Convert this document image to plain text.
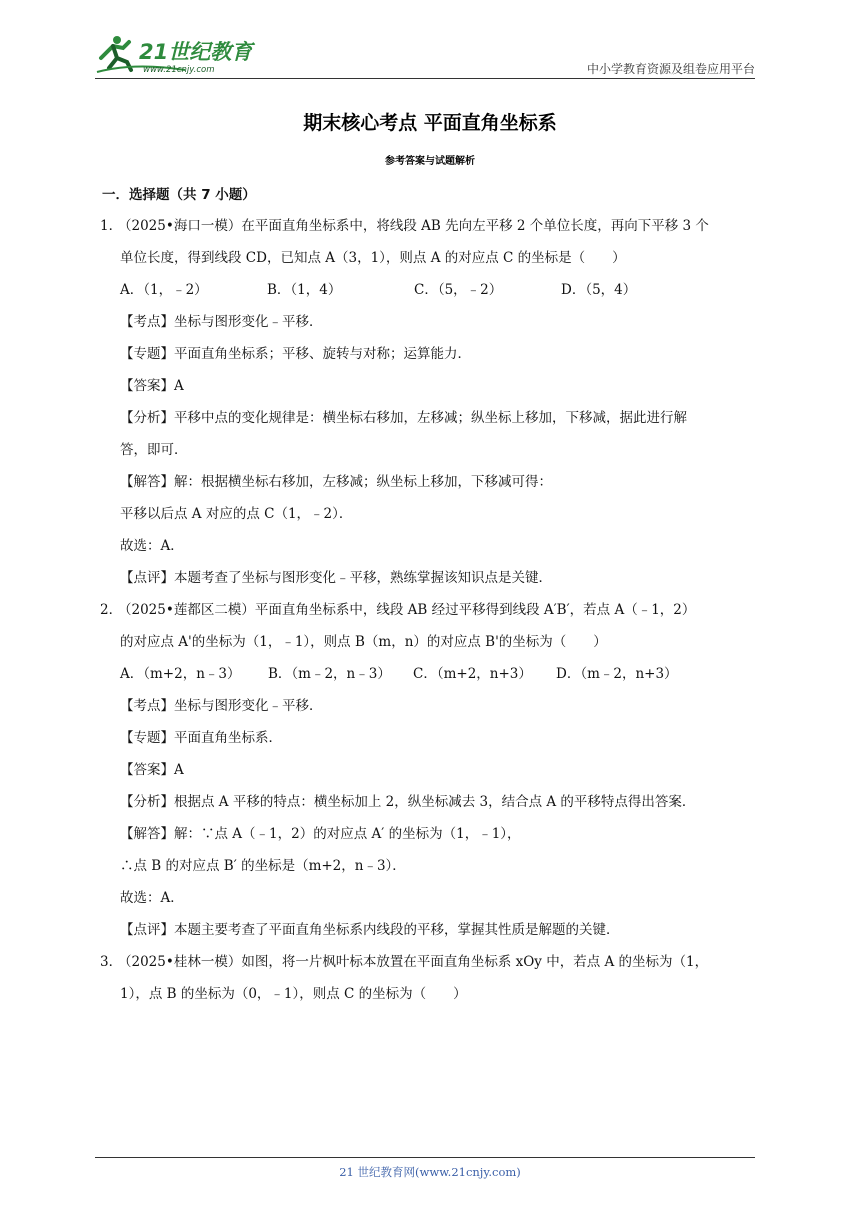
21世纪教育
www.21cnjy.com	中小学教育资源及组卷应用平台
期末核心考点 平面直角坐标系
参考答案与试题解析
一．选择题（共 7 小题）
1．（2025•海口一模）在平面直角坐标系中，将线段 AB 先向左平移 2 个单位长度，再向下平移 3 个
单位长度，得到线段 CD，已知点 A（3，1），则点 A 的对应点 C 的坐标是（　　）
A．（1，﹣2）	B．（1，4）	C．（5，﹣2）	D．（5，4）
【考点】坐标与图形变化﹣平移．
【专题】平面直角坐标系；平移、旋转与对称；运算能力．
【答案】A
【分析】平移中点的变化规律是：横坐标右移加，左移减；纵坐标上移加，下移减，据此进行解
答，即可．
【解答】解：根据横坐标右移加，左移减；纵坐标上移加，下移减可得：
平移以后点 A 对应的点 C（1，﹣2）．
故选：A．
【点评】本题考查了坐标与图形变化﹣平移，熟练掌握该知识点是关键．
2．（2025•莲都区二模）平面直角坐标系中，线段 AB 经过平移得到线段 A′B′，若点 A（﹣1，2）
的对应点 A'的坐标为（1，﹣1），则点 B（m，n）的对应点 B'的坐标为（　　）
A．（m+2，n﹣3）	B．（m﹣2，n﹣3）	C．（m+2，n+3）	D．（m﹣2，n+3）
【考点】坐标与图形变化﹣平移．
【专题】平面直角坐标系．
【答案】A
【分析】根据点 A 平移的特点：横坐标加上 2，纵坐标减去 3，结合点 A 的平移特点得出答案．
【解答】解：∵点 A（﹣1，2）的对应点 A′ 的坐标为（1，﹣1），
∴点 B 的对应点 B′ 的坐标是（m+2，n﹣3）．
故选：A．
【点评】本题主要考查了平面直角坐标系内线段的平移，掌握其性质是解题的关键．
3．（2025•桂林一模）如图，将一片枫叶标本放置在平面直角坐标系 xOy 中，若点 A 的坐标为（1，
1），点 B 的坐标为（0，﹣1），则点 C 的坐标为（　　）
21 世纪教育网(www.21cnjy.com)
